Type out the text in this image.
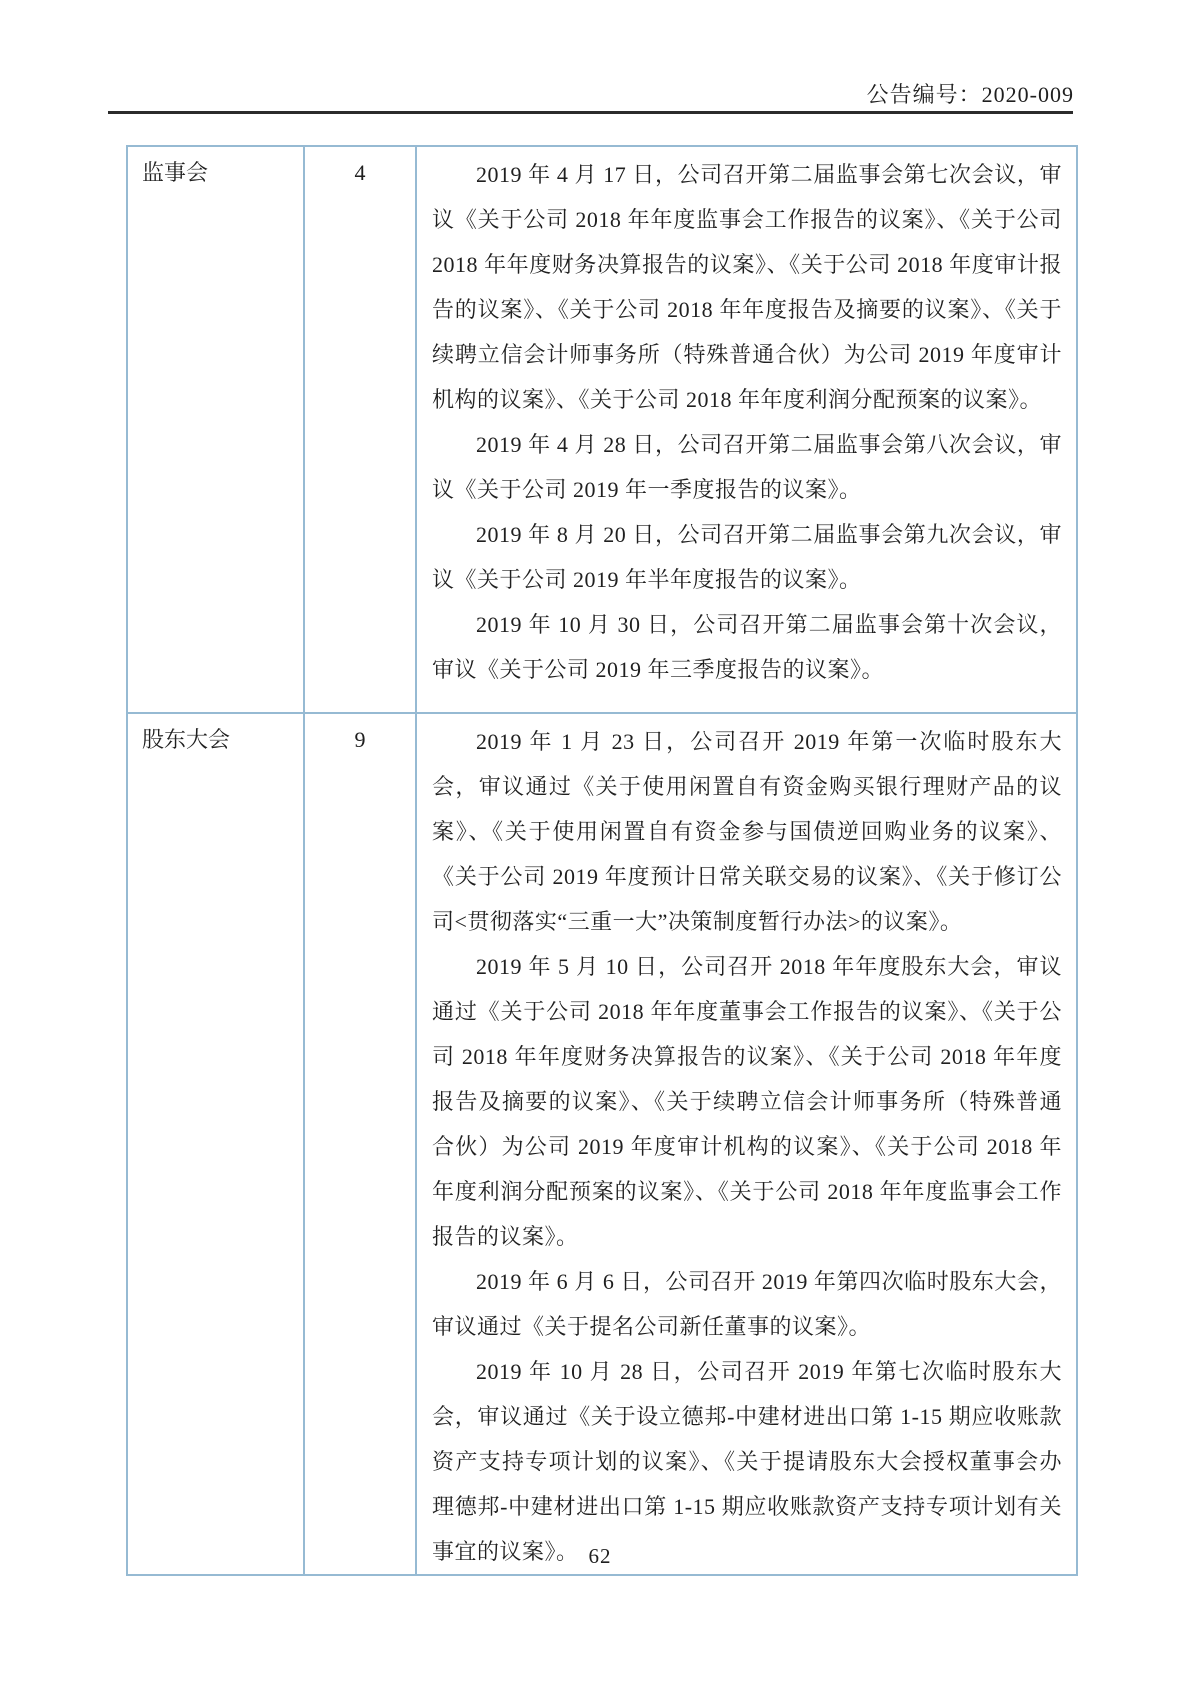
公告编号：2020-009
监事会	4	2019 年 4 月 17 日，公司召开第二届监事会第七次会议，审议《关于公司 2018 年年度监事会工作报告的议案》、《关于公司 2018 年年度财务决算报告的议案》、《关于公司 2018 年度审计报告的议案》、《关于公司 2018 年年度报告及摘要的议案》、《关于续聘立信会计师事务所（特殊普通合伙）为公司 2019 年度审计机构的议案》、《关于公司 2018 年年度利润分配预案的议案》。

2019 年 4 月 28 日，公司召开第二届监事会第八次会议，审议《关于公司 2019 年一季度报告的议案》。

2019 年 8 月 20 日，公司召开第二届监事会第九次会议，审议《关于公司 2019 年半年度报告的议案》。

2019 年 10 月 30 日，公司召开第二届监事会第十次会议，审议《关于公司 2019 年三季度报告的议案》。

股东大会	9	2019 年 1 月 23 日，公司召开 2019 年第一次临时股东大会，审议通过《关于使用闲置自有资金购买银行理财产品的议案》、《关于使用闲置自有资金参与国债逆回购业务的议案》、《关于公司 2019 年度预计日常关联交易的议案》、《关于修订公司<贯彻落实“三重一大”决策制度暂行办法>的议案》。

2019 年 5 月 10 日，公司召开 2018 年年度股东大会，审议通过《关于公司 2018 年年度董事会工作报告的议案》、《关于公司 2018 年年度财务决算报告的议案》、《关于公司 2018 年年度报告及摘要的议案》、《关于续聘立信会计师事务所（特殊普通合伙）为公司 2019 年度审计机构的议案》、《关于公司 2018 年年度利润分配预案的议案》、《关于公司 2018 年年度监事会工作报告的议案》。

2019 年 6 月 6 日，公司召开 2019 年第四次临时股东大会，审议通过《关于提名公司新任董事的议案》。

2019 年 10 月 28 日，公司召开 2019 年第七次临时股东大会，审议通过《关于设立德邦-中建材进出口第 1-15 期应收账款资产支持专项计划的议案》、《关于提请股东大会授权董事会办理德邦-中建材进出口第 1-15 期应收账款资产支持专项计划有关事宜的议案》。 62
